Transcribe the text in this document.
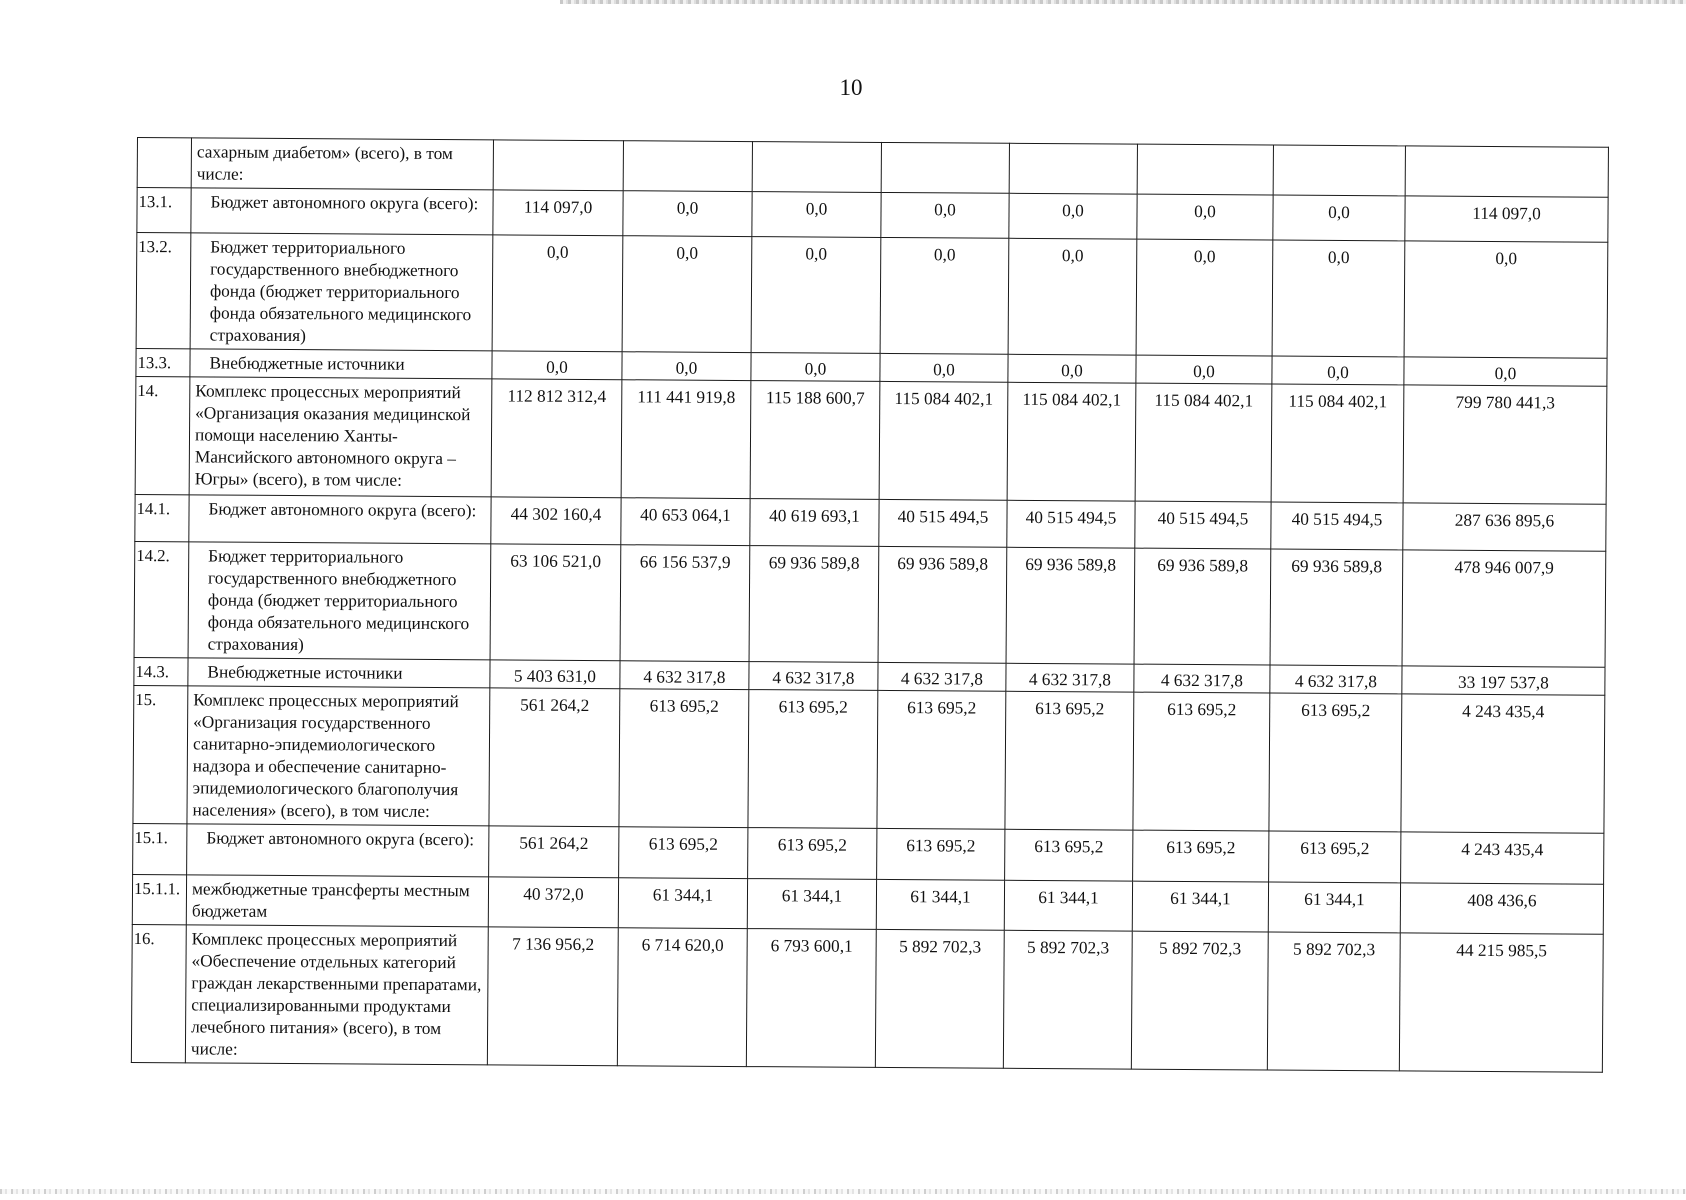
10
	сахарным диабетом» (всего), в том числе:								
13.1.	Бюджет автономного округа (всего):	114 097,0	0,0	0,0	0,0	0,0	0,0	0,0	114 097,0
13.2.	Бюджет территориального государственного внебюджетного фонда (бюджет территориального фонда обязательного медицинского страхования)	0,0	0,0	0,0	0,0	0,0	0,0	0,0	0,0
13.3.	Внебюджетные источники	0,0	0,0	0,0	0,0	0,0	0,0	0,0	0,0
14.	Комплекс процессных мероприятий «Организация оказания медицинской помощи населению Ханты-Мансийского автономного округа – Югры» (всего), в том числе:	112 812 312,4	111 441 919,8	115 188 600,7	115 084 402,1	115 084 402,1	115 084 402,1	115 084 402,1	799 780 441,3
14.1.	Бюджет автономного округа (всего):	44 302 160,4	40 653 064,1	40 619 693,1	40 515 494,5	40 515 494,5	40 515 494,5	40 515 494,5	287 636 895,6
14.2.	Бюджет территориального государственного внебюджетного фонда (бюджет территориального фонда обязательного медицинского страхования)	63 106 521,0	66 156 537,9	69 936 589,8	69 936 589,8	69 936 589,8	69 936 589,8	69 936 589,8	478 946 007,9
14.3.	Внебюджетные источники	5 403 631,0	4 632 317,8	4 632 317,8	4 632 317,8	4 632 317,8	4 632 317,8	4 632 317,8	33 197 537,8
15.	Комплекс процессных мероприятий «Организация государственного санитарно-эпидемиологического надзора и обеспечение санитарно-эпидемиологического благополучия населения» (всего), в том числе:	561 264,2	613 695,2	613 695,2	613 695,2	613 695,2	613 695,2	613 695,2	4 243 435,4
15.1.	Бюджет автономного округа (всего):	561 264,2	613 695,2	613 695,2	613 695,2	613 695,2	613 695,2	613 695,2	4 243 435,4
15.1.1.	межбюджетные трансферты местным бюджетам	40 372,0	61 344,1	61 344,1	61 344,1	61 344,1	61 344,1	61 344,1	408 436,6
16.	Комплекс процессных мероприятий «Обеспечение отдельных категорий граждан лекарственными препаратами, специализированными продуктами лечебного питания» (всего), в том числе:	7 136 956,2	6 714 620,0	6 793 600,1	5 892 702,3	5 892 702,3	5 892 702,3	5 892 702,3	44 215 985,5
